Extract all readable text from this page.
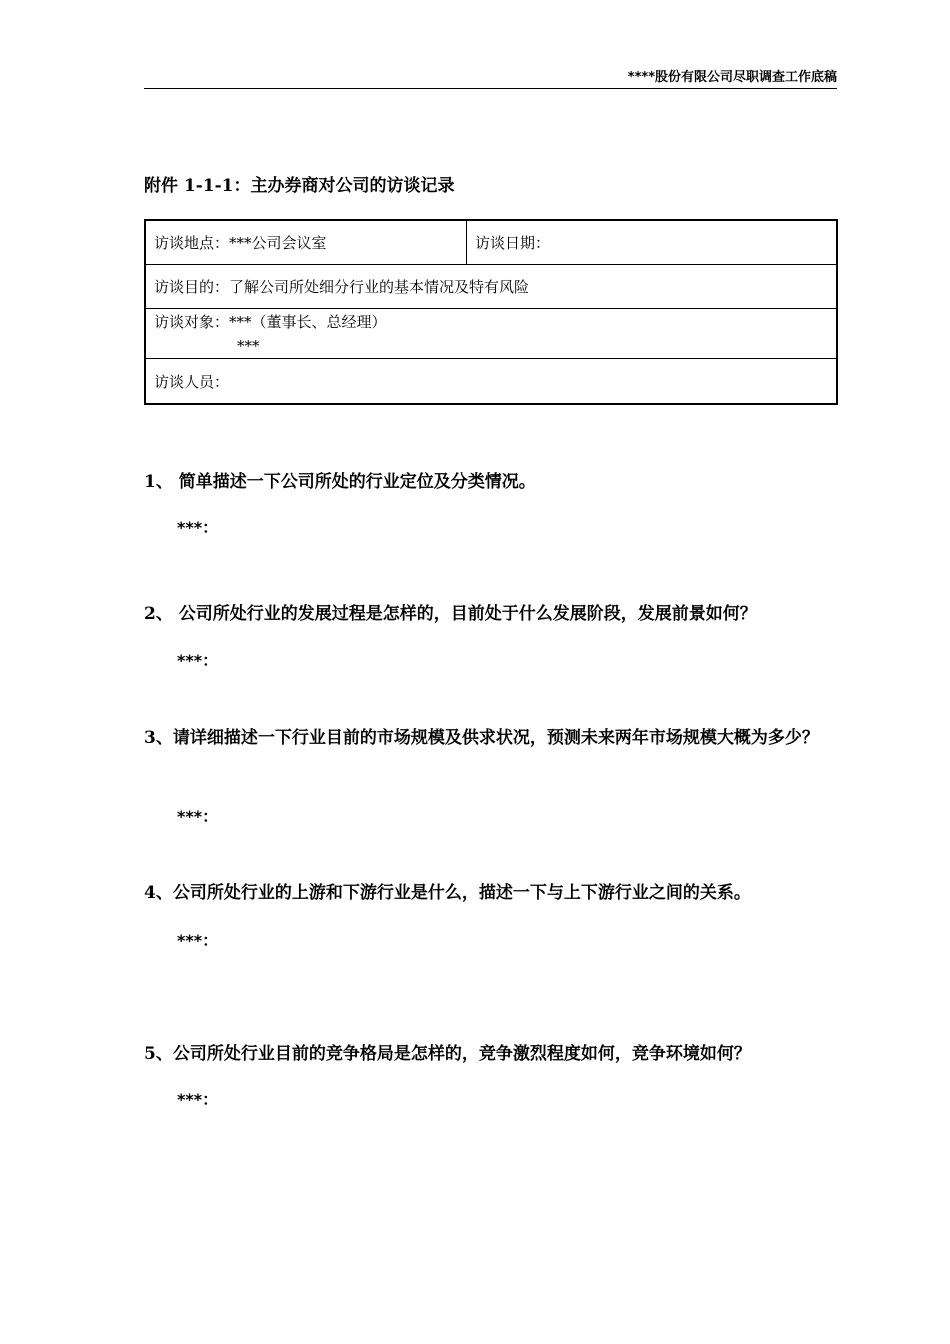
****股份有限公司尽职调查工作底稿
附件 1-1-1：主办券商对公司的访谈记录
访谈地点：***公司会议室	访谈日期：
访谈目的：了解公司所处细分行业的基本情况及特有风险

访谈对象：***（董事长、总经理）
***

访谈人员：
1、 简单描述一下公司所处的行业定位及分类情况。
***：
2、 公司所处行业的发展过程是怎样的，目前处于什么发展阶段，发展前景如何？
***：
3、请详细描述一下行业目前的市场规模及供求状况，预测未来两年市场规模大概为多少？
***：
4、公司所处行业的上游和下游行业是什么，描述一下与上下游行业之间的关系。
***：
5、公司所处行业目前的竞争格局是怎样的，竞争激烈程度如何，竞争环境如何？
***：
